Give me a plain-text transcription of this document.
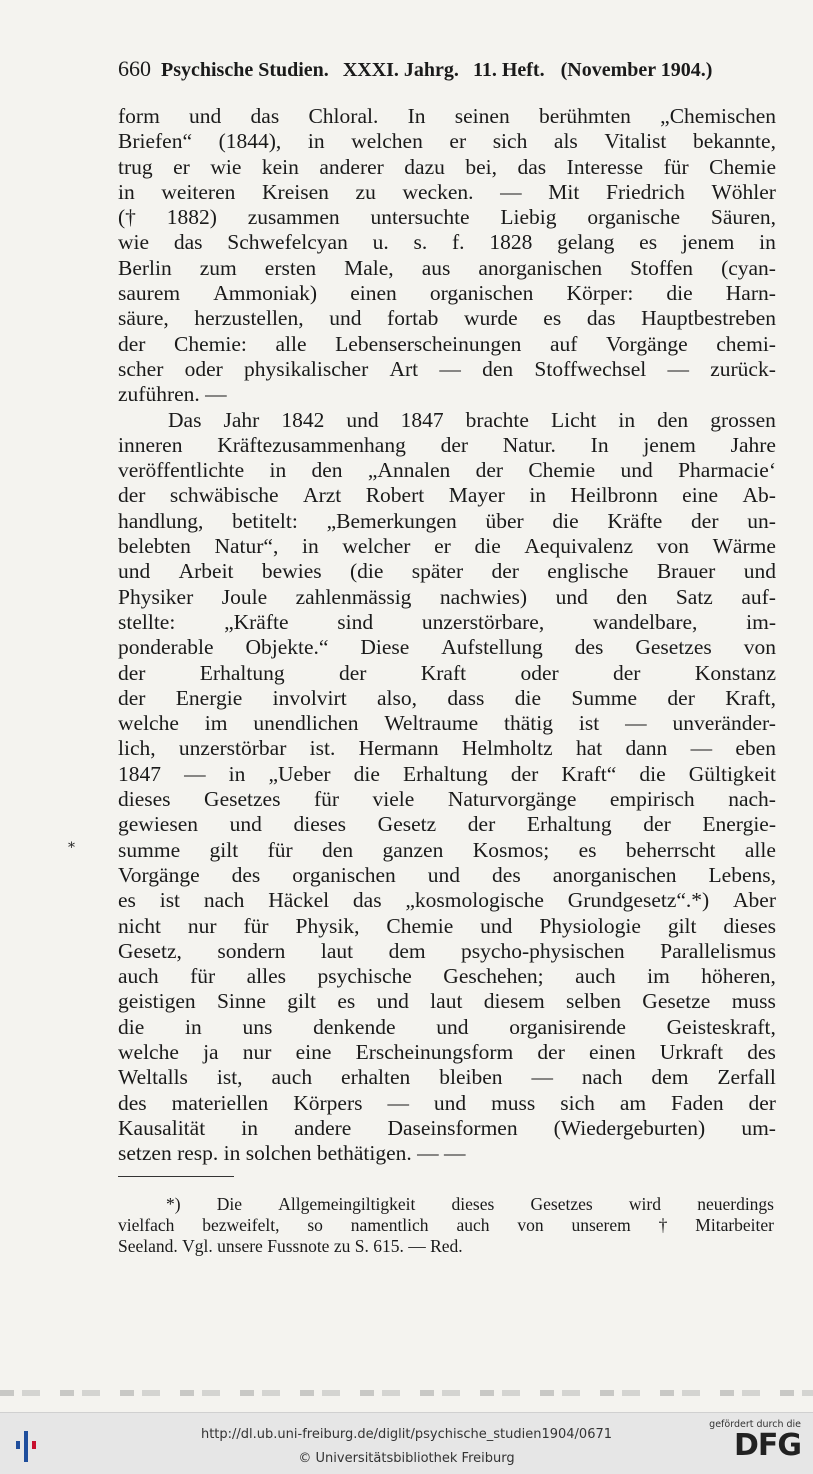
660 Psychische Studien. XXXI. Jahrg. 11. Heft. (November 1904.)
form und das Chloral. In seinen berühmten „Chemischen
Briefen“ (1844), in welchen er sich als Vitalist bekannte,
trug er wie kein anderer dazu bei, das Interesse für Chemie
in weiteren Kreisen zu wecken. — Mit Friedrich Wöhler
(† 1882) zusammen untersuchte Liebig organische Säuren,
wie das Schwefelcyan u. s. f. 1828 gelang es jenem in
Berlin zum ersten Male, aus anorganischen Stoffen (cyan-
saurem Ammoniak) einen organischen Körper: die Harn-
säure, herzustellen, und fortab wurde es das Hauptbestreben
der Chemie: alle Lebenserscheinungen auf Vorgänge chemi-
scher oder physikalischer Art — den Stoffwechsel — zurück-
zuführen.
—
Das Jahr 1842 und 1847 brachte Licht in den grossen
inneren Kräftezusammenhang der Natur. In jenem Jahre
veröffentlichte in den „Annalen der Chemie und Pharmacie‘
der schwäbische Arzt Robert Mayer in Heilbronn eine Ab-
handlung, betitelt: „Bemerkungen über die Kräfte der un-
belebten Natur“, in welcher er die Aequivalenz von Wärme
und Arbeit bewies (die später der englische Brauer und
Physiker Joule zahlenmässig nachwies) und den Satz auf-
stellte: „Kräfte sind unzerstörbare, wandelbare, im-
ponderable Objekte.“ Diese Aufstellung des Gesetzes von
der	Erhaltung	der	Kraft	oder	der	Konstanz
der Energie involvirt also, dass die Summe der Kraft,
welche im unendlichen Weltraume thätig ist — unveränder-
lich, unzerstörbar ist. Hermann Helmholtz hat dann — eben
1847 — in „Ueber die Erhaltung der Kraft“ die Gültigkeit
dieses Gesetzes für viele Naturvorgänge empirisch nach-
gewiesen und dieses Gesetz der Erhaltung der Energie-
summe gilt für den ganzen Kosmos; es beherrscht alle
Vorgänge des organischen und des anorganischen Lebens,
es ist nach Häckel das „kosmologische Grundgesetz“.*) Aber
nicht nur für Physik, Chemie und Physiologie gilt dieses
Gesetz, sondern laut dem psycho-physischen Parallelismus
auch für alles psychische Geschehen; auch im höheren,
geistigen Sinne gilt es und laut diesem selben Gesetze muss
die in uns denkende und organisirende Geisteskraft,
welche ja nur eine Erscheinungsform der einen Urkraft des
Weltalls ist, auch erhalten bleiben — nach dem Zerfall
des materiellen Körpers — und muss sich am Faden der
Kausalität in andere Daseinsformen (Wiedergeburten) um-
setzen
resp.
in
solchen
bethätigen.
—
—
*
*) Die Allgemeingiltigkeit dieses Gesetzes wird neuerdings
vielfach bezweifelt, so namentlich auch von unserem † Mitarbeiter
Seeland.
Vgl.
unsere
Fussnote
zu
S.
615.
—
Red.
http://dl.ub.uni-freiburg.de/diglit/psychische_studien1904/0671
© Universitätsbibliothek Freiburg
gefördert durch die
DFG
